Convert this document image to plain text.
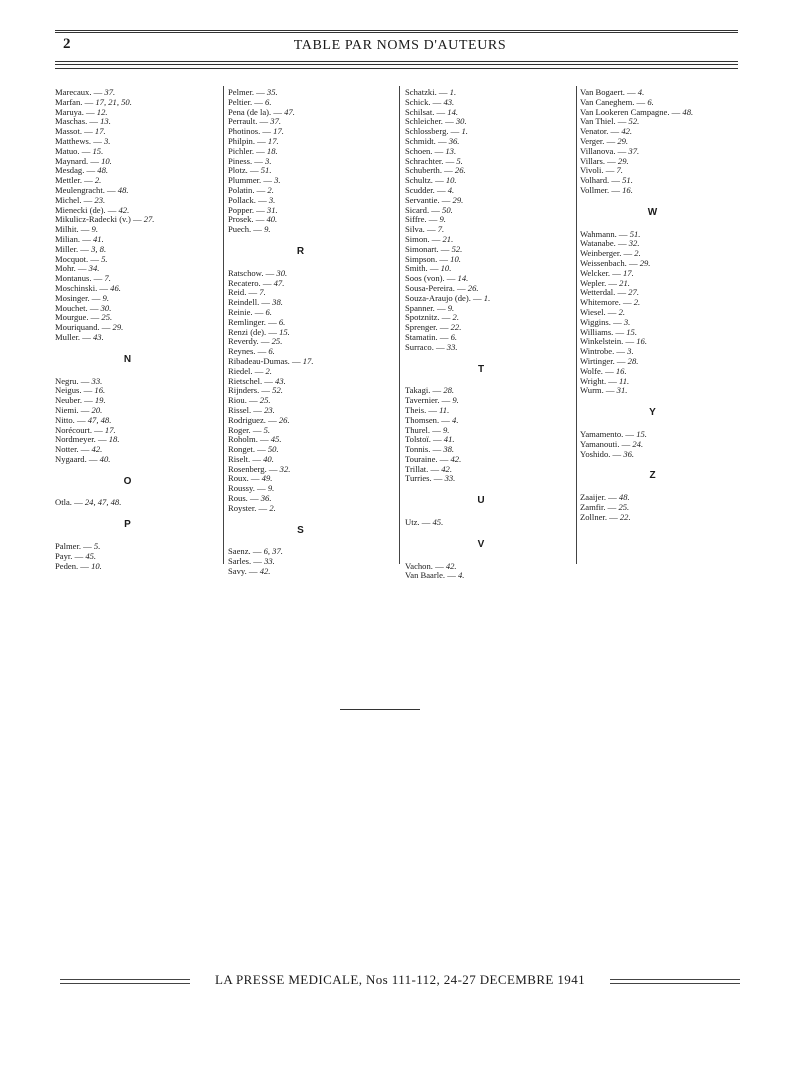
2	TABLE PAR NOMS D'AUTEURS
Marecaux. — 37.
Marfan. — 17, 21, 50.
Maruya. — 12.
Maschas. — 13.
Massot. — 17.
Matthews. — 3.
Matuo. — 15.
Maynard. — 10.
Mesdag. — 48.
Mettler. — 2.
Meulengracht. — 48.
Michel. — 23.
Mienecki (de). — 42.
Mikulicz-Radecki (v.) — 27.
Milhit. — 9.
Milian. — 41.
Miller. — 3, 8.
Mocquot. — 5.
Mohr. — 34.
Montanus. — 7.
Moschinski. — 46.
Mosinger. — 9.
Mouchet. — 30.
Mourgue. — 25.
Mouriquand. — 29.
Muller. — 43.
N
Negru. — 33.
Neigus. — 16.
Neuber. — 19.
Niemi. — 20.
Nitto. — 47, 48.
Norécourt. — 17.
Nordmeyer. — 18.
Notter. — 42.
Nygaard. — 40.
O
Otla. — 24, 47, 48.
P
Palmer. — 5.
Payr. — 45.
Peden. — 10.
Pelmer. — 35.
Peltier. — 6.
Pena (de la). — 47.
Perrault. — 37.
Photinos. — 17.
Philpin. — 17.
Pichler. — 18.
Piness. — 3.
Plotz. — 51.
Plummer. — 3.
Polatin. — 2.
Pollack. — 3.
Popper. — 31.
Prosek. — 40.
Puech. — 9.
R
Ratschow. — 30.
Recatero. — 47.
Reid. — 7.
Reindell. — 38.
Reinie. — 6.
Remlinger. — 6.
Renzi (de). — 15.
Reverdy. — 25.
Reynes. — 6.
Ribadeau-Dumas. — 17.
Riedel. — 2.
Rietschel. — 43.
Rijnders. — 52.
Riou. — 25.
Rissel. — 23.
Rodriguez. — 26.
Roger. — 5.
Roholm. — 45.
Ronget. — 50.
Riselt. — 40.
Rosenberg. — 32.
Roux. — 49.
Roussy. — 9.
Rous. — 36.
Royster. — 2.
S
Saenz. — 6, 37.
Sarles. — 33.
Savy. — 42.
Schatzki. — 1.
Schick. — 43.
Schilsat. — 14.
Schleicher. — 30.
Schlossberg. — 1.
Schmidt. — 36.
Schoen. — 13.
Schrachter. — 5.
Schuberth. — 26.
Schultz. — 10.
Scudder. — 4.
Servantie. — 29.
Sicard. — 50.
Siffre. — 9.
Silva. — 7.
Simon. — 21.
Simonart. — 52.
Simpson. — 10.
Smith. — 10.
Soos (von). — 14.
Sousa-Pereira. — 26.
Souza-Araujo (de). — 1.
Spanner. — 9.
Spotznitz. — 2.
Sprenger. — 22.
Stamatin. — 6.
Surraco. — 33.
T
Takagi. — 28.
Tavernier. — 9.
Theis. — 11.
Thomsen. — 4.
Thurel. — 9.
Tolstoï. — 41.
Tonnis. — 38.
Touraine. — 42.
Trillat. — 42.
Turries. — 33.
U
Utz. — 45.
V
Vachon. — 42.
Van Baarle. — 4.
Van Bogaert. — 4.
Van Caneghem. — 6.
Van Lookeren Campagne. — 48.
Van Thiel. — 52.
Venator. — 42.
Verger. — 29.
Villanova. — 37.
Villars. — 29.
Vivoli. — 7.
Volhard. — 51.
Vollmer. — 16.
W
Wahmann. — 51.
Watanabe. — 32.
Weinberger. — 2.
Weissenbach. — 29.
Welcker. — 17.
Wepler. — 21.
Wetterdal. — 27.
Whitemore. — 2.
Wiesel. — 2.
Wiggins. — 3.
Williams. — 15.
Winkelstein. — 16.
Wintrobe. — 3.
Wirtinger. — 28.
Wolfe. — 16.
Wright. — 11.
Wurm. — 31.
Y
Yamamento. — 15.
Yamanouti. — 24.
Yoshido. — 36.
Z
Zaaijer. — 48.
Zamfir. — 25.
Zollner. — 22.
LA PRESSE MEDICALE, Nos 111-112, 24-27 DECEMBRE 1941
